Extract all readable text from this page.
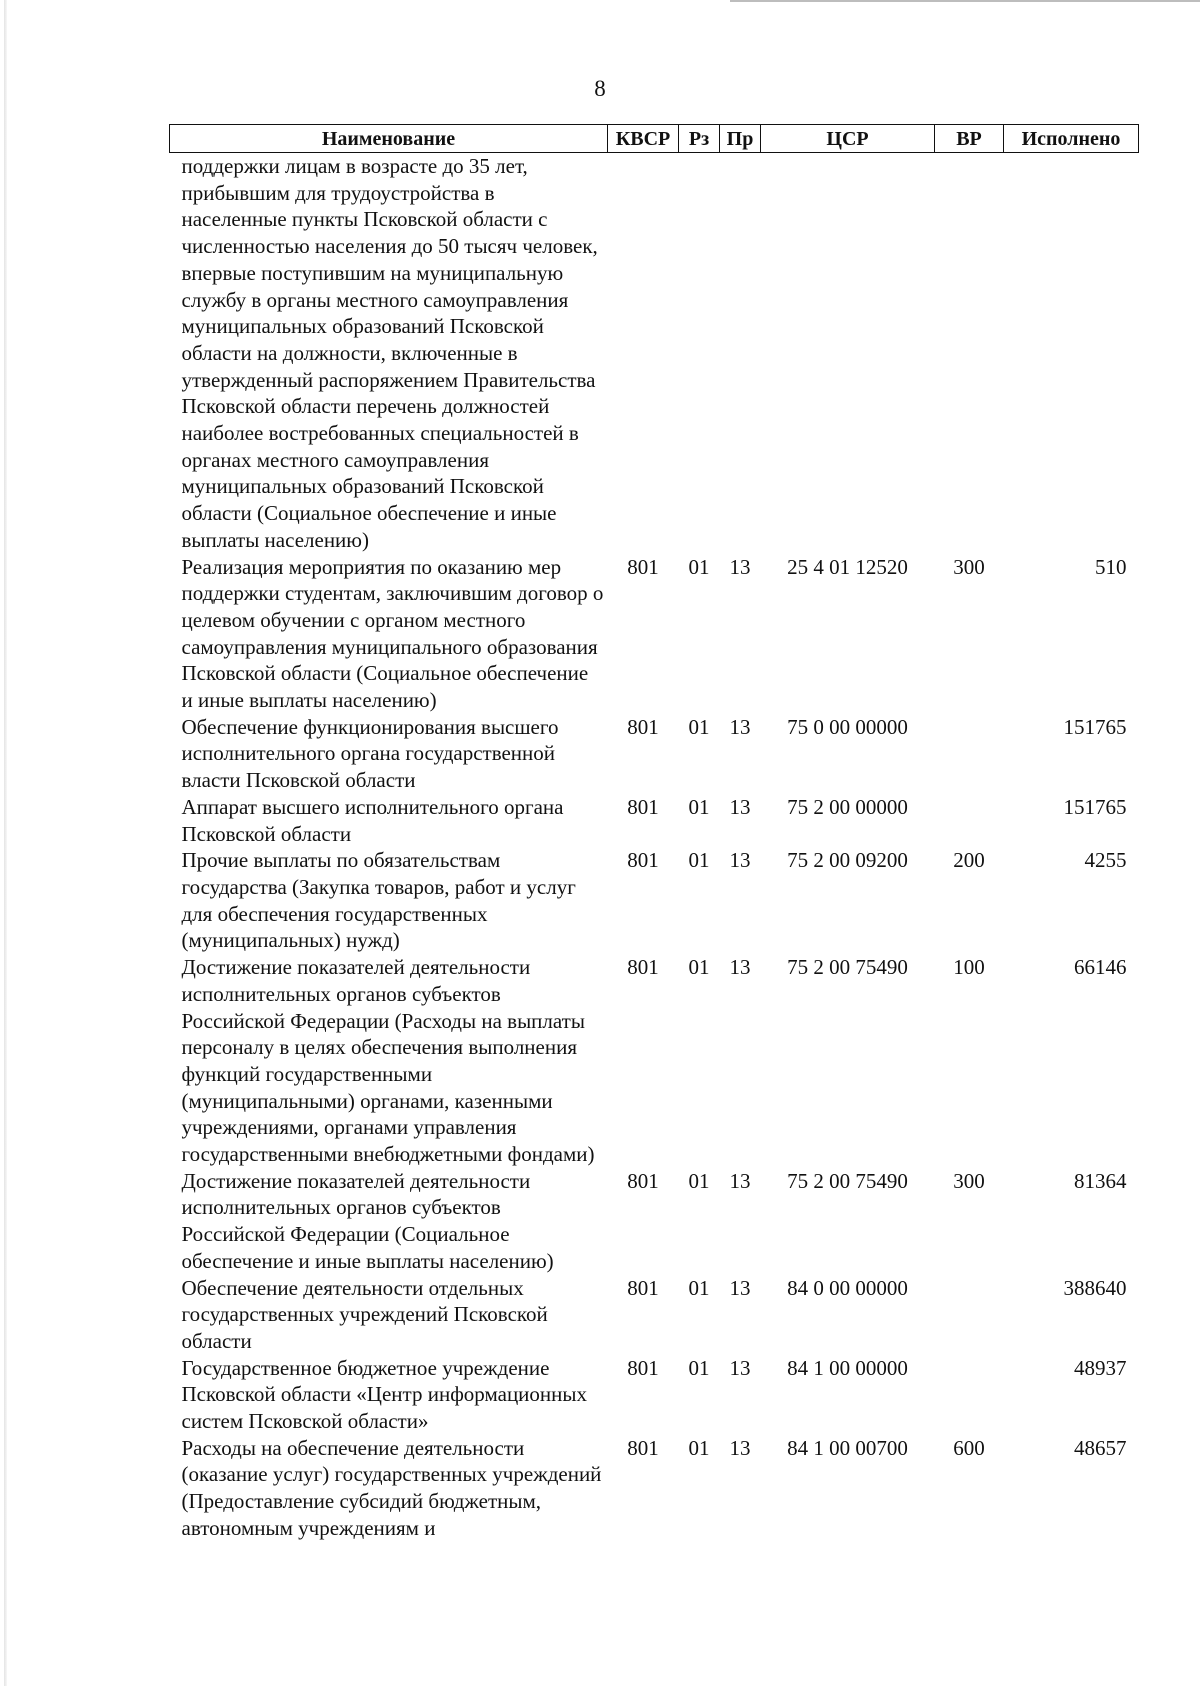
8
Наименование	КВСР	Рз	Пр	ЦСР	ВР	Исполнено
поддержки лицам в возрасте до 35 лет, прибывшим для трудоустройства в населенные пункты Псковской области с численностью населения до 50 тысяч человек, впервые поступившим на муниципальную службу в органы местного самоуправления муниципальных образований Псковской области на должности, включенные в утвержденный распоряжением Правительства Псковской области перечень должностей наиболее востребованных специальностей в органах местного самоуправления муниципальных образований Псковской области (Социальное обеспечение и иные выплаты населению)						
Реализация мероприятия по оказанию мер поддержки студентам, заключившим договор о целевом обучении с органом местного самоуправления муниципального образования Псковской области (Социальное обеспечение и иные выплаты населению)	801	01	13	25 4 01 12520	300	510
Обеспечение функционирования высшего исполнительного органа государственной власти Псковской области	801	01	13	75 0 00 00000		151765
Аппарат высшего исполнительного органа Псковской области	801	01	13	75 2 00 00000		151765
Прочие выплаты по обязательствам государства (Закупка товаров, работ и услуг для обеспечения государственных (муниципальных) нужд)	801	01	13	75 2 00 09200	200	4255
Достижение показателей деятельности исполнительных органов субъектов Российской Федерации (Расходы на выплаты персоналу в целях обеспечения выполнения функций государственными (муниципальными) органами, казенными учреждениями, органами управления государственными внебюджетными фондами)	801	01	13	75 2 00 75490	100	66146
Достижение показателей деятельности исполнительных органов субъектов Российской Федерации (Социальное обеспечение и иные выплаты населению)	801	01	13	75 2 00 75490	300	81364
Обеспечение деятельности отдельных государственных учреждений Псковской области	801	01	13	84 0 00 00000		388640
Государственное бюджетное учреждение Псковской области «Центр информационных систем Псковской области»	801	01	13	84 1 00 00000		48937
Расходы на обеспечение деятельности (оказание услуг) государственных учреждений (Предоставление субсидий бюджетным, автономным учреждениям и	801	01	13	84 1 00 00700	600	48657
